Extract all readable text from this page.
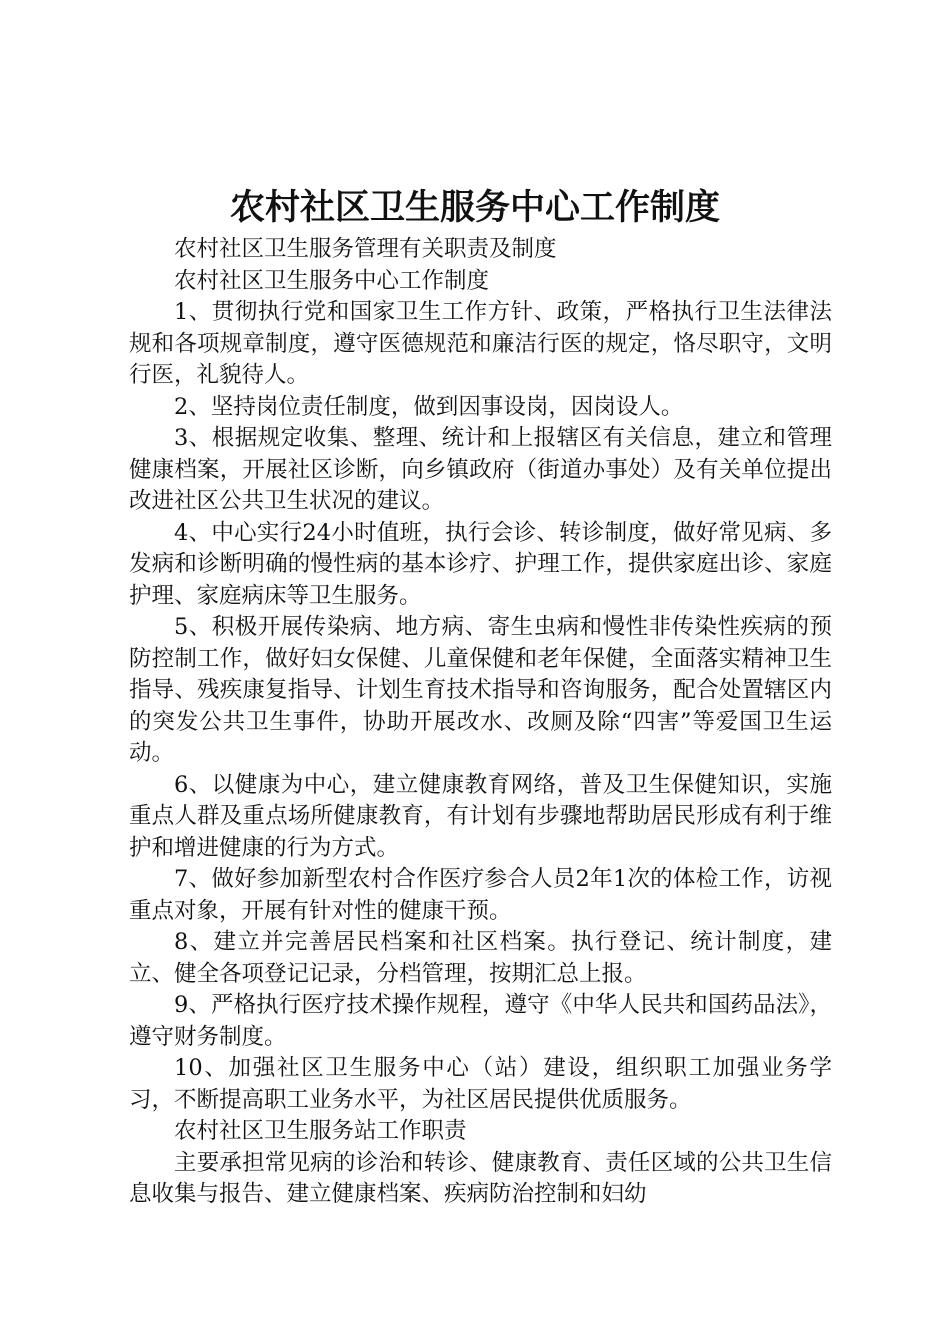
农村社区卫生服务中心工作制度

农村社区卫生服务管理有关职责及制度

农村社区卫生服务中心工作制度

1、贯彻执行党和国家卫生工作方针、政策，严格执行卫生法律法规和各项规章制度，遵守医德规范和廉洁行医的规定，恪尽职守，文明行医，礼貌待人。

2、坚持岗位责任制度，做到因事设岗，因岗设人。

3、根据规定收集、整理、统计和上报辖区有关信息，建立和管理健康档案，开展社区诊断，向乡镇政府（街道办事处）及有关单位提出改进社区公共卫生状况的建议。

4、中心实行24小时值班，执行会诊、转诊制度，做好常见病、多发病和诊断明确的慢性病的基本诊疗、护理工作，提供家庭出诊、家庭护理、家庭病床等卫生服务。

5、积极开展传染病、地方病、寄生虫病和慢性非传染性疾病的预防控制工作，做好妇女保健、儿童保健和老年保健，全面落实精神卫生指导、残疾康复指导、计划生育技术指导和咨询服务，配合处置辖区内的突发公共卫生事件，协助开展改水、改厕及除“四害”等爱国卫生运动。

6、以健康为中心，建立健康教育网络，普及卫生保健知识，实施重点人群及重点场所健康教育，有计划有步骤地帮助居民形成有利于维护和增进健康的行为方式。

7、做好参加新型农村合作医疗参合人员2年1次的体检工作，访视重点对象，开展有针对性的健康干预。

8、建立并完善居民档案和社区档案。执行登记、统计制度，建立、健全各项登记记录，分档管理，按期汇总上报。

9、严格执行医疗技术操作规程，遵守《中华人民共和国药品法》，遵守财务制度。

10、加强社区卫生服务中心（站）建设，组织职工加强业务学习，不断提高职工业务水平，为社区居民提供优质服务。

农村社区卫生服务站工作职责

主要承担常见病的诊治和转诊、健康教育、责任区域的公共卫生信息收集与报告、建立健康档案、疾病防治控制和妇幼
